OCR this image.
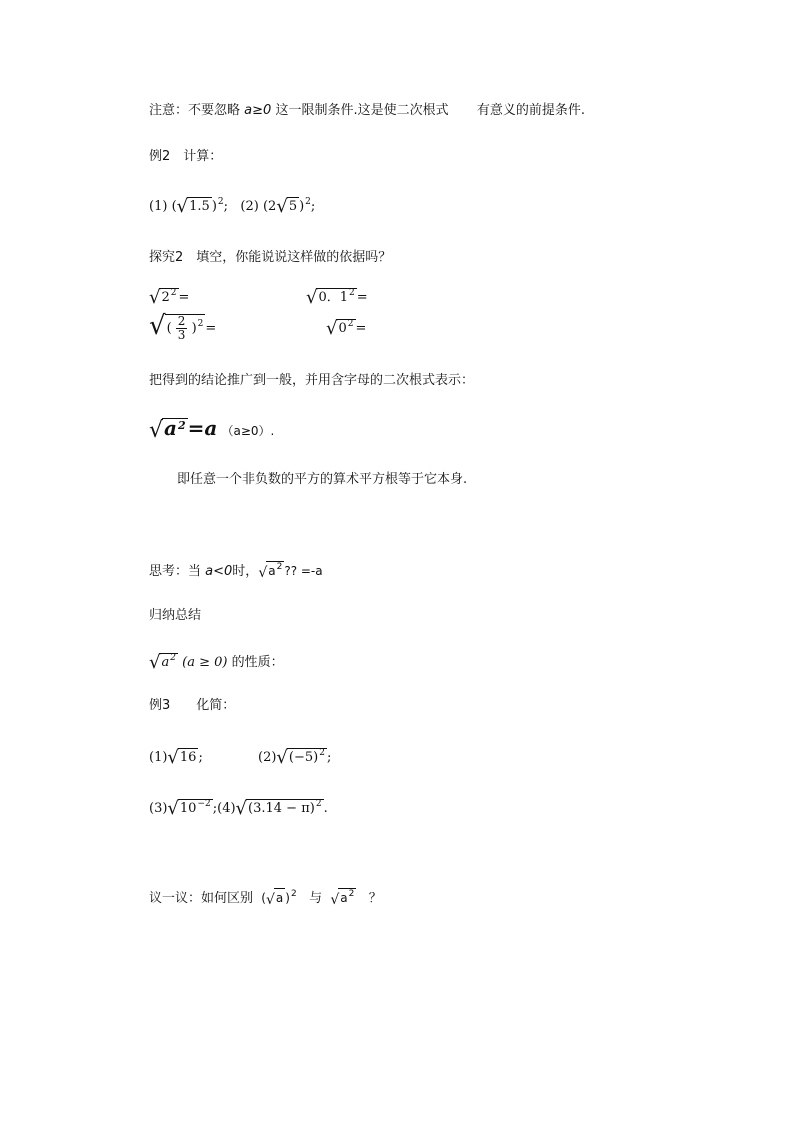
注意：不要忽略 a≥0 这一限制条件.这是使二次根式 有意义的前提条件.
例2　计算：
(1) (√1.5 )$^2$; (2) (2√5 )$^2$;
探究2　填空，你能说说这样做的依据吗？
$√2^2$ =	√0．$1^2$ =
√( $\frac{2}{3} )^2$ =	$√0^2$ =
把得到的结论推广到一般，并用含字母的二次根式表示：
$√a^2 =a$ （a≥0）.
即任意一个非负数的平方的算术平方根等于它本身.
思考：当 a<0时，$√a^2$ ?? =-a
归纳总结
$√a^2$ (a ≥ 0) 的性质：
例3　　化简：
(1)√16 ;	$(2)√(-5)^2$ ;
$(3)√10^{-2}$ ;(4)√(3.14 − π)$^2$ .
议一议：如何区别 (√a )$^2$ 与 $√a^2$ ？
